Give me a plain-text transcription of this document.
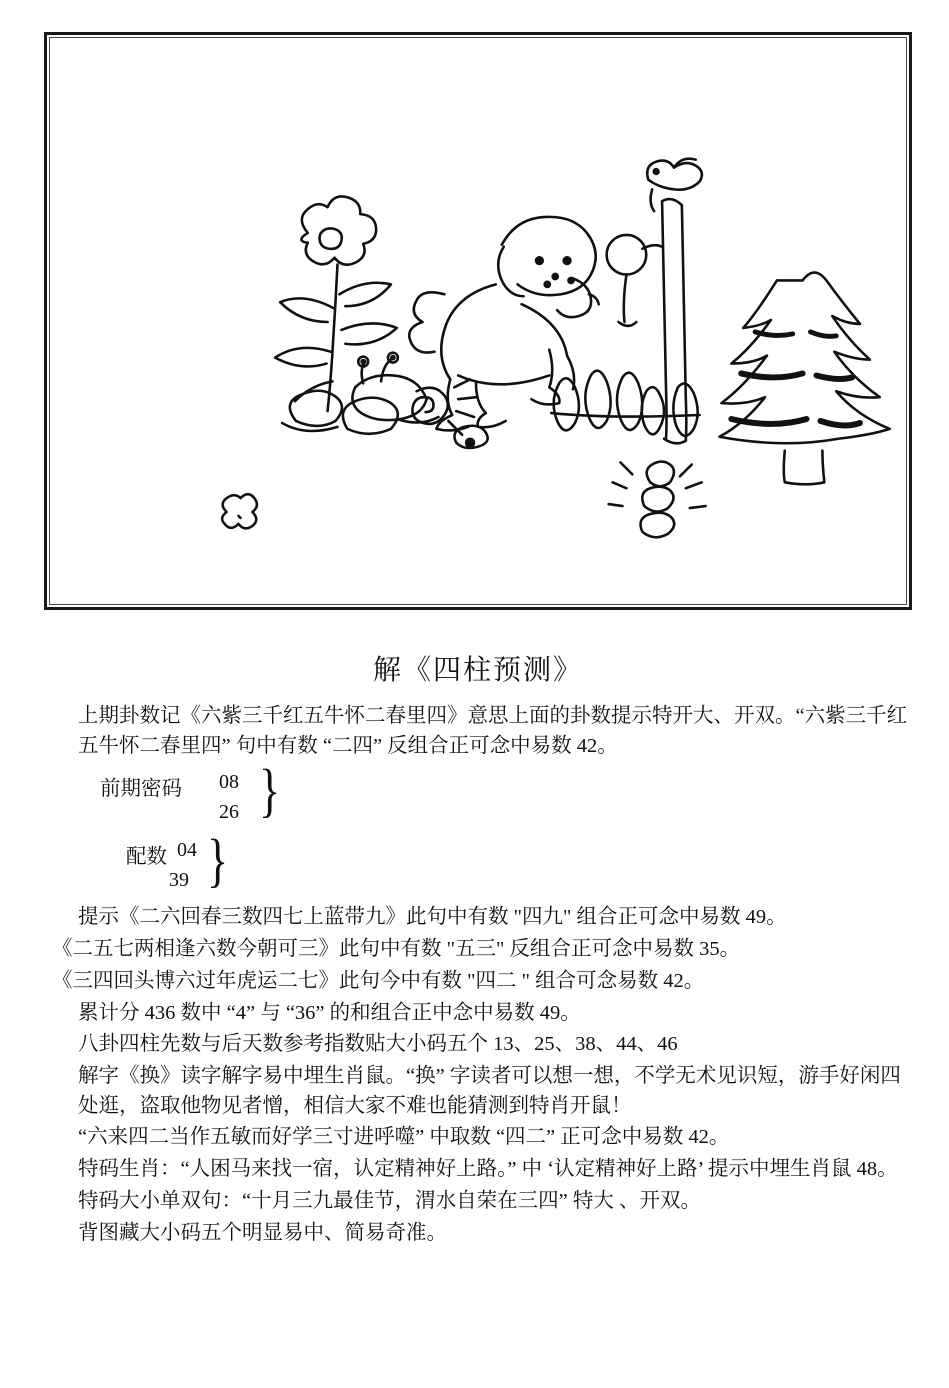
解《四柱预测》

上期卦数记《六紫三千红五牛怀二春里四》意思上面的卦数提示特开大、开双。“六紫三千红五牛怀二春里四” 句中有数 “二四” 反组合正可念中易数 42。

前期密码 08
26 }
配数 04
39 }

提示《二六回春三数四七上蓝带九》此句中有数 "四九" 组合正可念中易数 49。

《二五七两相逢六数今朝可三》此句中有数 "五三" 反组合正可念中易数 35。

《三四回头博六过年虎运二七》此句今中有数 "四二 " 组合可念易数 42。

累计分 436 数中 “4” 与 “36” 的和组合正中念中易数 49。

八卦四柱先数与后天数参考指数贴大小码五个 13、25、38、44、46

解字《换》读字解字易中埋生肖鼠。“换” 字读者可以想一想，不学无术见识短，游手好闲四处逛，盗取他物见者憎，相信大家不难也能猜测到特肖开鼠！

“六来四二当作五敏而好学三寸进呼噬” 中取数 “四二” 正可念中易数 42。

特码生肖：“人困马来找一宿，认定精神好上路。” 中 ‘认定精神好上路’ 提示中埋生肖鼠 48。

特码大小单双句：“十月三九最佳节，渭水自荣在三四” 特大 、开双。

背图藏大小码五个明显易中、简易奇准。
